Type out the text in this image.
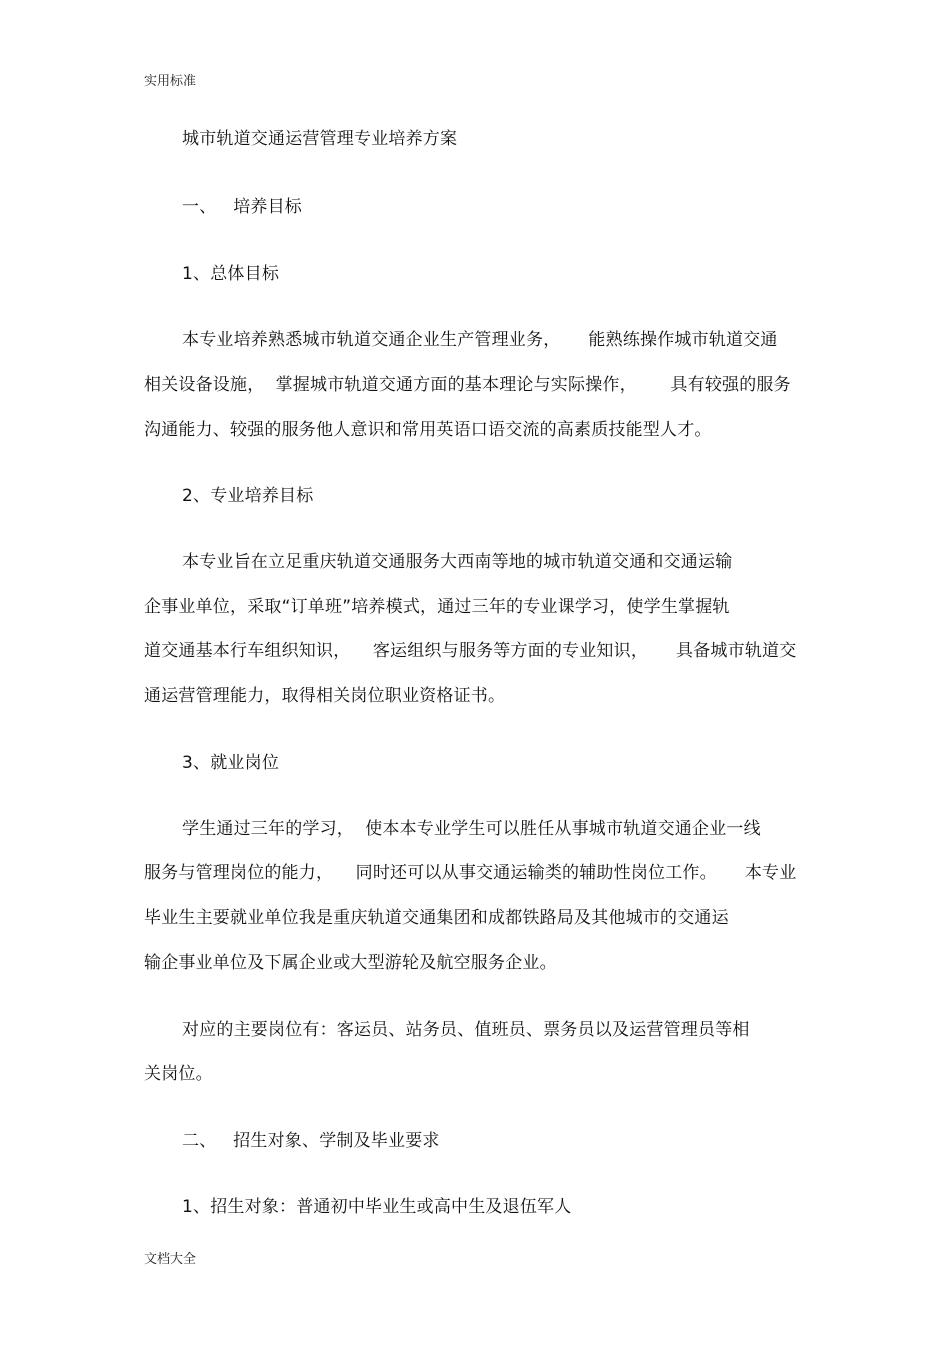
实用标准
城市轨道交通运营管理专业培养方案
一、   培养目标
1、总体目标
本专业培养熟悉城市轨道交通企业生产管理业务，     能熟练操作城市轨道交通
相关设备设施，  掌握城市轨道交通方面的基本理论与实际操作，      具有较强的服务
沟通能力、较强的服务他人意识和常用英语口语交流的高素质技能型人才。
2、专业培养目标
本专业旨在立足重庆轨道交通服务大西南等地的城市轨道交通和交通运输
企事业单位，采取“订单班”培养模式，通过三年的专业课学习，使学生掌握轨
道交通基本行车组织知识，    客运组织与服务等方面的专业知识，     具备城市轨道交
通运营管理能力，取得相关岗位职业资格证书。
3、就业岗位
学生通过三年的学习，  使本本专业学生可以胜任从事城市轨道交通企业一线
服务与管理岗位的能力，    同时还可以从事交通运输类的辅助性岗位工作。     本专业
毕业生主要就业单位我是重庆轨道交通集团和成都铁路局及其他城市的交通运
输企事业单位及下属企业或大型游轮及航空服务企业。
对应的主要岗位有：客运员、站务员、值班员、票务员以及运营管理员等相
关岗位。
二、   招生对象、学制及毕业要求
1、招生对象：普通初中毕业生或高中生及退伍军人
文档大全
